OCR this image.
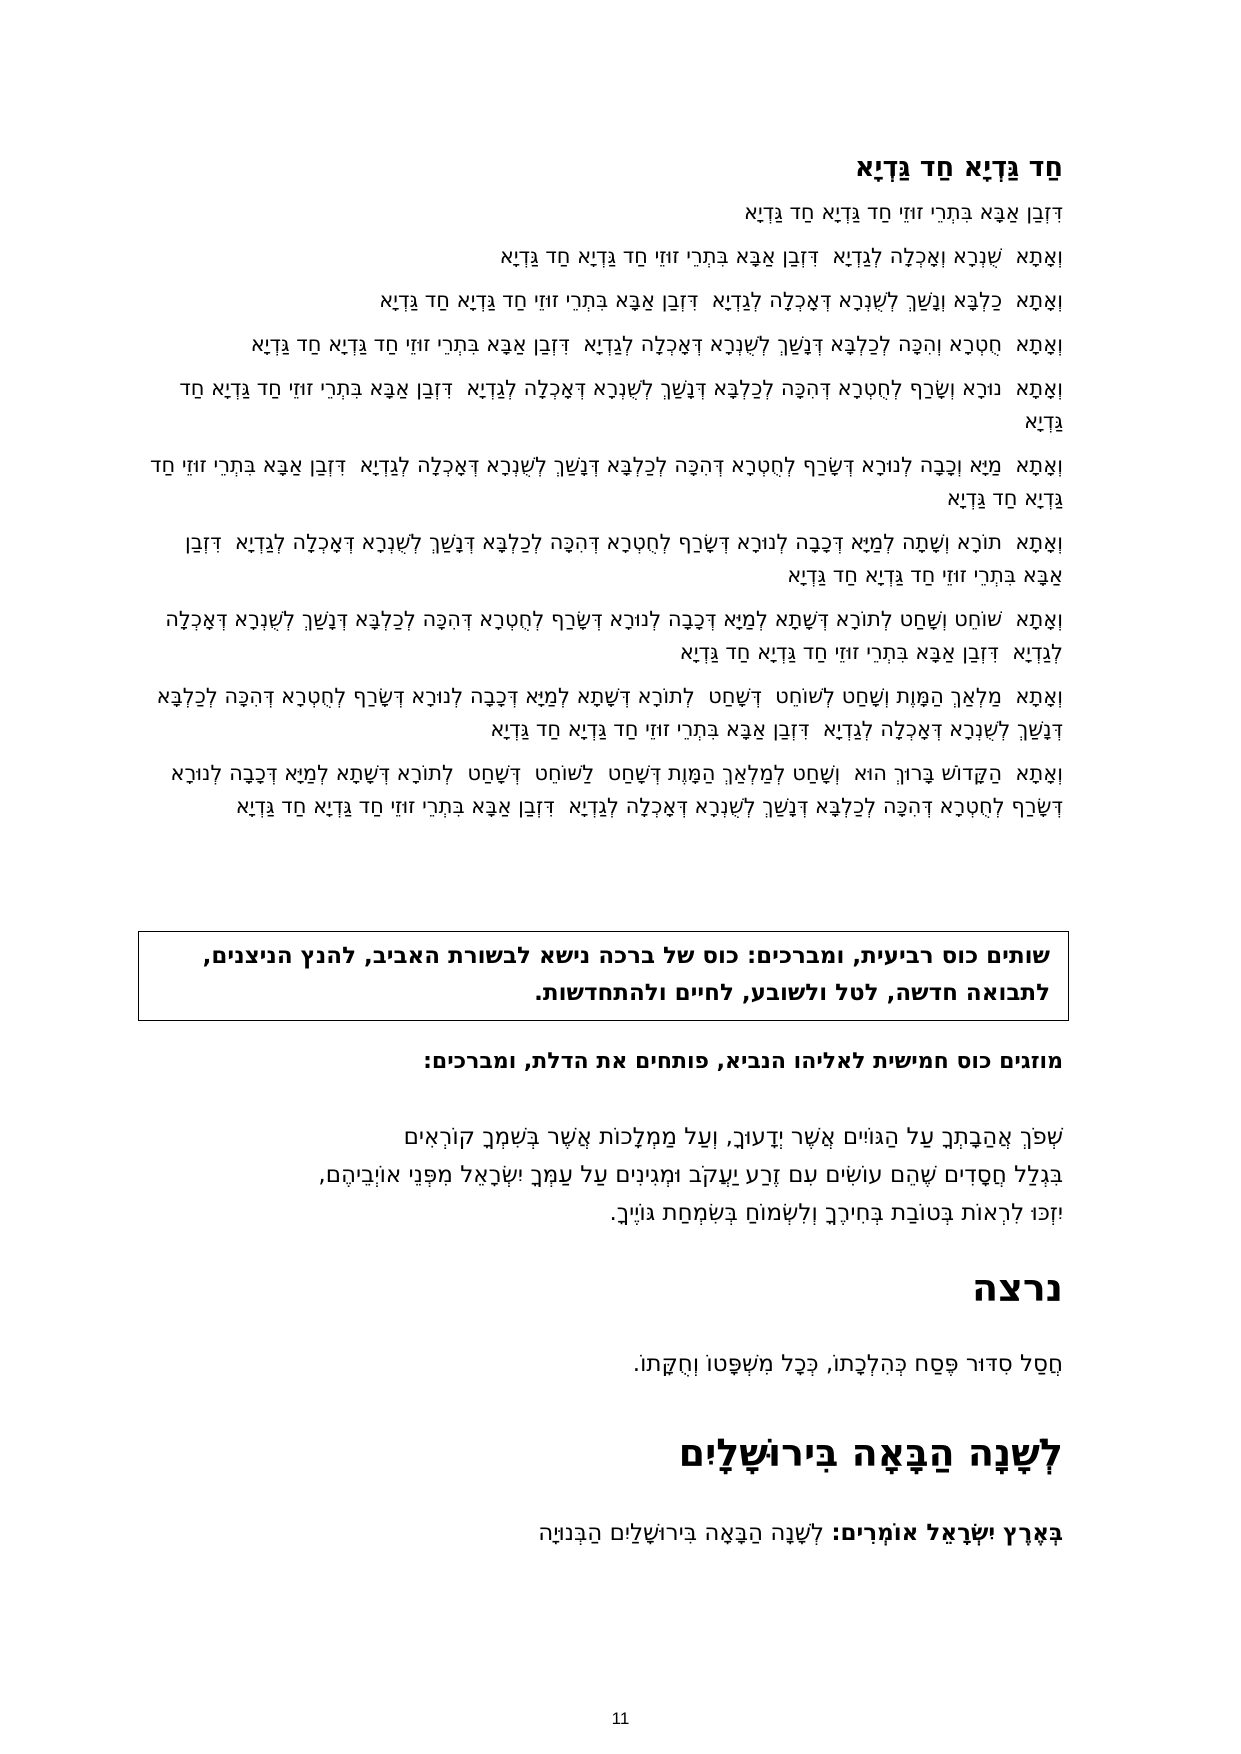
חַד גַּדְיָא חַד גַּדְיָא

דִּזְבַן אַבָּא בִּתְרֵי זוּזֵי חַד גַּדְיָא חַד גַּדְיָא

וְאָתָא  שֻׁנְרָא וְאָכְלָה לְגַדְיָא  דִּזְבַן אַבָּא בִּתְרֵי זוּזֵי חַד גַּדְיָא חַד גַּדְיָא

וְאָתָא  כַלְבָּא וְנָשַׁךְ לְשֻׁנְרָא דְּאָכְלָה לְגַדְיָא  דִּזְבַן אַבָּא בִּתְרֵי זוּזֵי חַד גַּדְיָא חַד גַּדְיָא

וְאָתָא  חֻטְרָא וְהִכָּה לְכַלְבָּא דְּנָשַׁךְ לְשֻׁנְרָא דְּאָכְלָה לְגַדְיָא  דִּזְבַן אַבָּא בִּתְרֵי זוּזֵי חַד גַּדְיָא חַד גַּדְיָא

וְאָתָא  נוּרָא וְשָׂרַף לְחֻטְרָא דְּהִכָּה לְכַלְבָּא דְּנָשַׁךְ לְשֻׁנְרָא דְּאָכְלָה לְגַדְיָא  דִּזְבַן אַבָּא בִּתְרֵי זוּזֵי חַד גַּדְיָא חַד גַּדְיָא

וְאָתָא  מַיָּא וְכָבָה לְנוּרָא דְּשָׂרַף לְחֻטְרָא דְּהִכָּה לְכַלְבָּא דְּנָשַׁךְ לְשֻׁנְרָא דְּאָכְלָה לְגַדְיָא  דִּזְבַן אַבָּא בִּתְרֵי זוּזֵי חַד גַּדְיָא חַד גַּדְיָא

וְאָתָא  תוֹרָא וְשָׁתָה לְמַיָּא דְּכָבָה לְנוּרָא דְּשָׂרַף לְחֻטְרָא דְּהִכָּה לְכַלְבָּא דְּנָשַׁךְ לְשֻׁנְרָא דְּאָכְלָה לְגַדְיָא  דִּזְבַן אַבָּא בִּתְרֵי זוּזֵי חַד גַּדְיָא חַד גַּדְיָא

וְאָתָא  שׁוֹחֵט וְשָׁחַט לְתוֹרָא דְּשָׁתָא לְמַיָּא דְּכָבָה לְנוּרָא דְּשָׂרַף לְחֻטְרָא דְּהִכָּה לְכַלְבָּא דְּנָשַׁךְ לְשֻׁנְרָא דְּאָכְלָה לְגַדְיָא  דִּזְבַן אַבָּא בִּתְרֵי זוּזֵי חַד גַּדְיָא חַד גַּדְיָא

וְאָתָא  מַלְאַךְ הַמָּוֶת וְשָׁחַט לְשׁוֹחֵט  דְּשָׁחַט  לְתוֹרָא דְּשָׁתָא לְמַיָּא דְּכָבָה לְנוּרָא דְּשָׂרַף לְחֻטְרָא דְּהִכָּה לְכַלְבָּא דְּנָשַׁךְ לְשֻׁנְרָא דְּאָכְלָה לְגַדְיָא  דִּזְבַן אַבָּא בִּתְרֵי זוּזֵי חַד גַּדְיָא חַד גַּדְיָא

וְאָתָא  הַקָּדוֹשׁ בָּרוּךְ הוּא  וְשָׁחַט לְמַלְאַךְ הַמָּוֶת דְּשָׁחַט  לַשּׁוֹחֵט  דְּשָׁחַט  לְתוֹרָא דְּשָׁתָא לְמַיָּא דְּכָבָה לְנוּרָא דְּשָׂרַף לְחֻטְרָא דְּהִכָּה לְכַלְבָּא דְּנָשַׁךְ לְשֻׁנְרָא דְּאָכְלָה לְגַדְיָא  דִּזְבַן אַבָּא בִּתְרֵי זוּזֵי חַד גַּדְיָא חַד גַּדְיָא

שותים כוס רביעית, ומברכים: כוס של ברכה נישא לבשורת האביב, להנץ הניצנים, לתבואה חדשה, לטל ולשובע, לחיים ולהתחדשות.
מוזגים כוס חמישית לאליהו הנביא, פותחים את הדלת, ומברכים:
שְׁפֹךְ אֲהַבָתְךָ עַל הַגּוֹיִים אֲשֶׁר יְדָעוּךָ, וְעַל מַמְלָכוֹת אֲשֶׁר בְּשִׁמְךָ קוֹרְאִים
בִּגְלַל חֲסָדִים שֶׁהֵם עוֹשִׂים עִם זֶרַע יַעֲקֹב וּמְגִינִים עַל עַמְּךָ יִשְׂרָאֵל מִפְּנֵי אוֹיְבֵיהֶם,
יִזְכּוּ לִרְאוֹת בְּטוֹבַת בְּחִירֶךָ וְלִשְׂמוֹחַ בְּשִׂמְחַת גּוֹיֶיךָ.
נרצה

חֲסַל סִדּוּר פֶּסַח כְּהִלְכָתוֹ, כְּכָל מִשְׁפָּטוֹ וְחֻקָּתוֹ.

לְשָׁנָה הַבָּאָה בִּירוּשָׁלָיִם

בְּאֶרֶץ יִשְׂרָאֵל אוֹמְרִים: לְשָׁנָה הַבָּאָה בִּירוּשָׁלַיִם הַבְּנוּיָה

11
